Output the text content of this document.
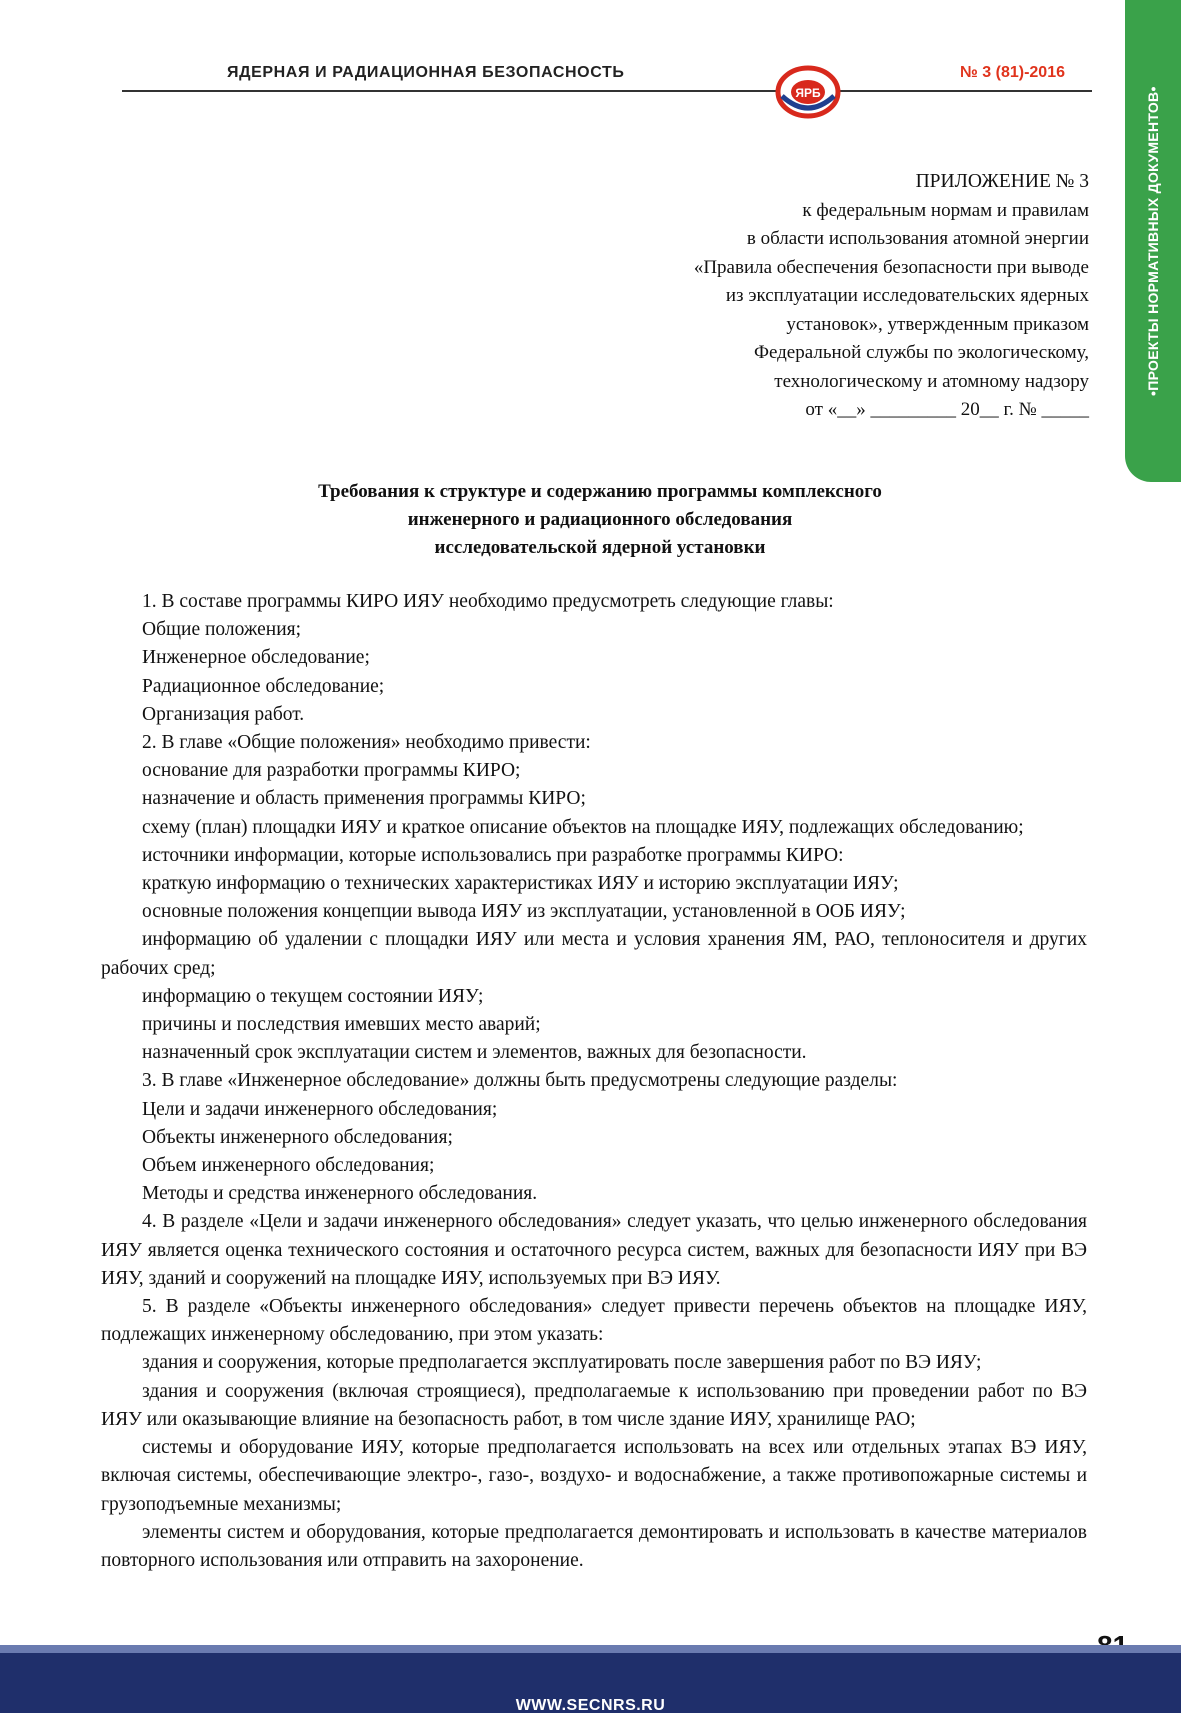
ЯДЕРНАЯ И РАДИАЦИОННАЯ БЕЗОПАСНОСТЬ
ЯРБ
№ 3 (81)-2016
•ПРОЕКТЫ НОРМАТИВНЫХ ДОКУМЕНТОВ•
ПРИЛОЖЕНИЕ № 3
к федеральным нормам и правилам
в области использования атомной энергии
«Правила обеспечения безопасности при выводе
из эксплуатации исследовательских ядерных
установок», утвержденным приказом
Федеральной службы по экологическому,
технологическому и атомному надзору
от «__» _________ 20__ г. № _____
Требования к структуре и содержанию программы комплексного
инженерного и радиационного обследования
исследовательской ядерной установки

1. В составе программы КИРО ИЯУ необходимо предусмотреть следующие главы:

Общие положения;

Инженерное обследование;

Радиационное обследование;

Организация работ.

2. В главе «Общие положения» необходимо привести:

основание для разработки программы КИРО;

назначение и область применения программы КИРО;

схему (план) площадки ИЯУ и краткое описание объектов на площадке ИЯУ, подлежащих обследованию;

источники информации, которые использовались при разработке программы КИРО:

краткую информацию о технических характеристиках ИЯУ и историю эксплуатации ИЯУ;

основные положения концепции вывода ИЯУ из эксплуатации, установленной в ООБ ИЯУ;

информацию об удалении с площадки ИЯУ или места и условия хранения ЯМ, РАО, теплоносителя и других рабочих сред;

информацию о текущем состоянии ИЯУ;

причины и последствия имевших место аварий;

назначенный срок эксплуатации систем и элементов, важных для безопасности.

3. В главе «Инженерное обследование» должны быть предусмотрены следующие разделы:

Цели и задачи инженерного обследования;

Объекты инженерного обследования;

Объем инженерного обследования;

Методы и средства инженерного обследования.

4. В разделе «Цели и задачи инженерного обследования» следует указать, что целью инженерного обследования ИЯУ является оценка технического состояния и остаточного ресурса систем, важных для безопасности ИЯУ при ВЭ ИЯУ, зданий и сооружений на площадке ИЯУ, используемых при ВЭ ИЯУ.

5. В разделе «Объекты инженерного обследования» следует привести перечень объектов на площадке ИЯУ, подлежащих инженерному обследованию, при этом указать:

здания и сооружения, которые предполагается эксплуатировать после завершения работ по ВЭ ИЯУ;

здания и сооружения (включая строящиеся), предполагаемые к использованию при проведении работ по ВЭ ИЯУ или оказывающие влияние на безопасность работ, в том числе здание ИЯУ, хранилище РАО;

системы и оборудование ИЯУ, которые предполагается использовать на всех или отдельных этапах ВЭ ИЯУ, включая системы, обеспечивающие электро-, газо-, воздухо- и водоснабжение, а также противопожарные системы и грузоподъемные механизмы;

элементы систем и оборудования, которые предполагается демонтировать и использовать в качестве материалов повторного использования или отправить на захоронение.

WWW.SECNRS.RU
